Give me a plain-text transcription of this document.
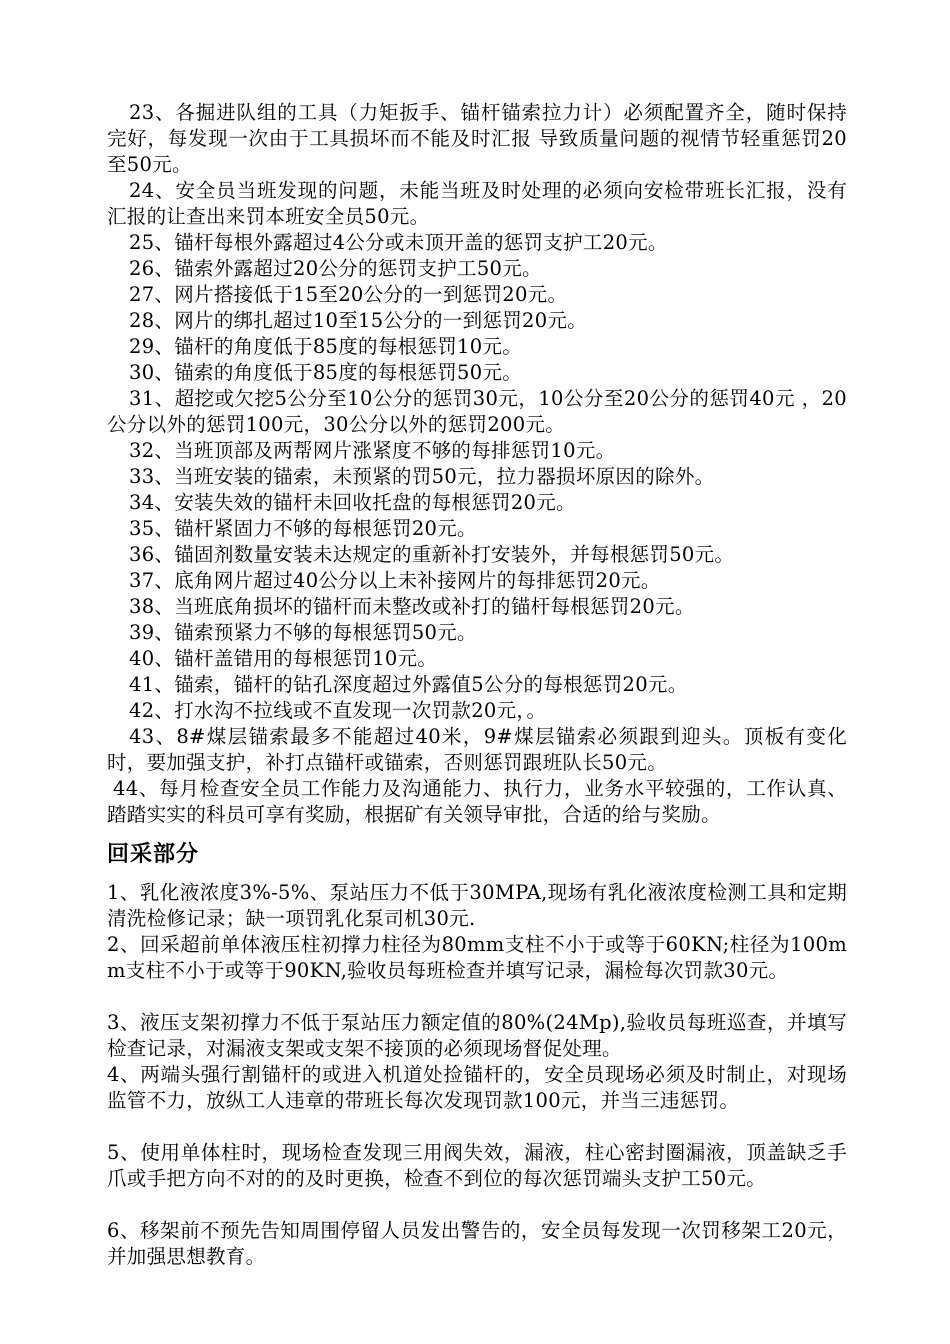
23、各掘进队组的工具（力矩扳手、锚杆锚索拉力计）必须配置齐全，随时保持完好，每发现一次由于工具损坏而不能及时汇报 导致质量问题的视情节轻重惩罚20至50元。

24、安全员当班发现的问题，未能当班及时处理的必须向安检带班长汇报，没有汇报的让查出来罚本班安全员50元。

25、锚杆每根外露超过4公分或未顶开盖的惩罚支护工20元。

26、锚索外露超过20公分的惩罚支护工50元。

27、网片搭接低于15至20公分的一到惩罚20元。

28、网片的绑扎超过10至15公分的一到惩罚20元。

29、锚杆的角度低于85度的每根惩罚10元。

30、锚索的角度低于85度的每根惩罚50元。

31、超挖或欠挖5公分至10公分的惩罚30元，10公分至20公分的惩罚40元 ，20公分以外的惩罚100元，30公分以外的惩罚200元。

32、当班顶部及两帮网片涨紧度不够的每排惩罚10元。

33、当班安装的锚索，未预紧的罚50元，拉力器损坏原因的除外。

34、安装失效的锚杆未回收托盘的每根惩罚20元。

35、锚杆紧固力不够的每根惩罚20元。

36、锚固剂数量安装未达规定的重新补打安装外，并每根惩罚50元。

37、底角网片超过40公分以上未补接网片的每排惩罚20元。

38、当班底角损坏的锚杆而未整改或补打的锚杆每根惩罚20元。

39、锚索预紧力不够的每根惩罚50元。

40、锚杆盖错用的每根惩罚10元。

41、锚索，锚杆的钻孔深度超过外露值5公分的每根惩罚20元。

42、打水沟不拉线或不直发现一次罚款20元，。

43、8#煤层锚索最多不能超过40米，9#煤层锚索必须跟到迎头。顶板有变化时，要加强支护，补打点锚杆或锚索，否则惩罚跟班队长50元。

44、每月检查安全员工作能力及沟通能力、执行力，业务水平较强的，工作认真、踏踏实实的科员可享有奖励，根据矿有关领导审批，合适的给与奖励。

回采部分

1、乳化液浓度3%-5%、泵站压力不低于30MPA,现场有乳化液浓度检测工具和定期清洗检修记录；缺一项罚乳化泵司机30元.

2、回采超前单体液压柱初撑力柱径为80mm支柱不小于或等于60KN;柱径为100mm支柱不小于或等于90KN,验收员每班检查并填写记录，漏检每次罚款30元。

3、液压支架初撑力不低于泵站压力额定值的80%(24Mp),验收员每班巡查，并填写检查记录，对漏液支架或支架不接顶的必须现场督促处理。

4、两端头强行割锚杆的或进入机道处捡锚杆的，安全员现场必须及时制止，对现场监管不力，放纵工人违章的带班长每次发现罚款100元，并当三违惩罚。

5、使用单体柱时，现场检查发现三用阀失效，漏液，柱心密封圈漏液，顶盖缺乏手爪或手把方向不对的的及时更换，检查不到位的每次惩罚端头支护工50元。

6、移架前不预先告知周围停留人员发出警告的，安全员每发现一次罚移架工20元，并加强思想教育。
